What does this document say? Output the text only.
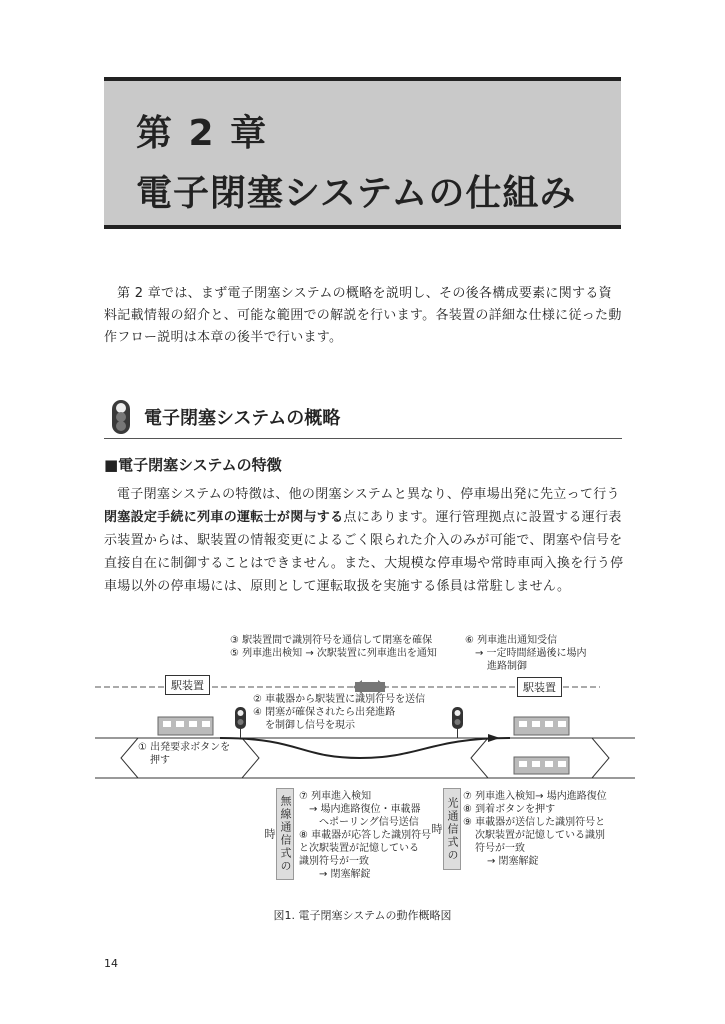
第 2 章
電子閉塞システムの仕組み

第 2 章では、まず電子閉塞システムの概略を説明し、その後各構成要素に関する資料記載情報の紹介と、可能な範囲での解説を行います。各装置の詳細な仕様に従った動作フロー説明は本章の後半で行います。

電子閉塞システムの概略
■電子閉塞システムの特徴

電子閉塞システムの特徴は、他の閉塞システムと異なり、停車場出発に先立って行う閉塞設定手続に列車の運転士が関与する点にあります。運行管理拠点に設置する運行表示装置からは、駅装置の情報変更によるごく限られた介入のみが可能で、閉塞や信号を直接自在に制御することはできません。また、大規模な停車場や常時車両入換を行う停車場以外の停車場には、原則として運転取扱を実施する係員は常駐しません。

③ 駅装置間で識別符号を通信して閉塞を確保
⑤ 列車進出検知 → 次駅装置に列車進出を通知
⑥ 列車進出通知受信
→ 一定時間経過後に場内
進路制御
駅装置	駅装置
② 車載器から駅装置に識別符号を送信
④ 閉塞が確保されたら出発進路
を制御し信号を現示
① 出発要求ボタンを
押す
無線通信式の時
⑦ 列車進入検知
→ 場内進路復位・車載器
へポーリング信号送信
⑧ 車載器が応答した識別符号
と次駅装置が記憶している
識別符号が一致
→ 閉塞解錠
光通信式の時
⑦ 列車進入検知→ 場内進路復位
⑧ 到着ボタンを押す
⑨ 車載器が送信した識別符号と
次駅装置が記憶している識別
符号が一致
→ 閉塞解錠
図1. 電子閉塞システムの動作概略図
14
